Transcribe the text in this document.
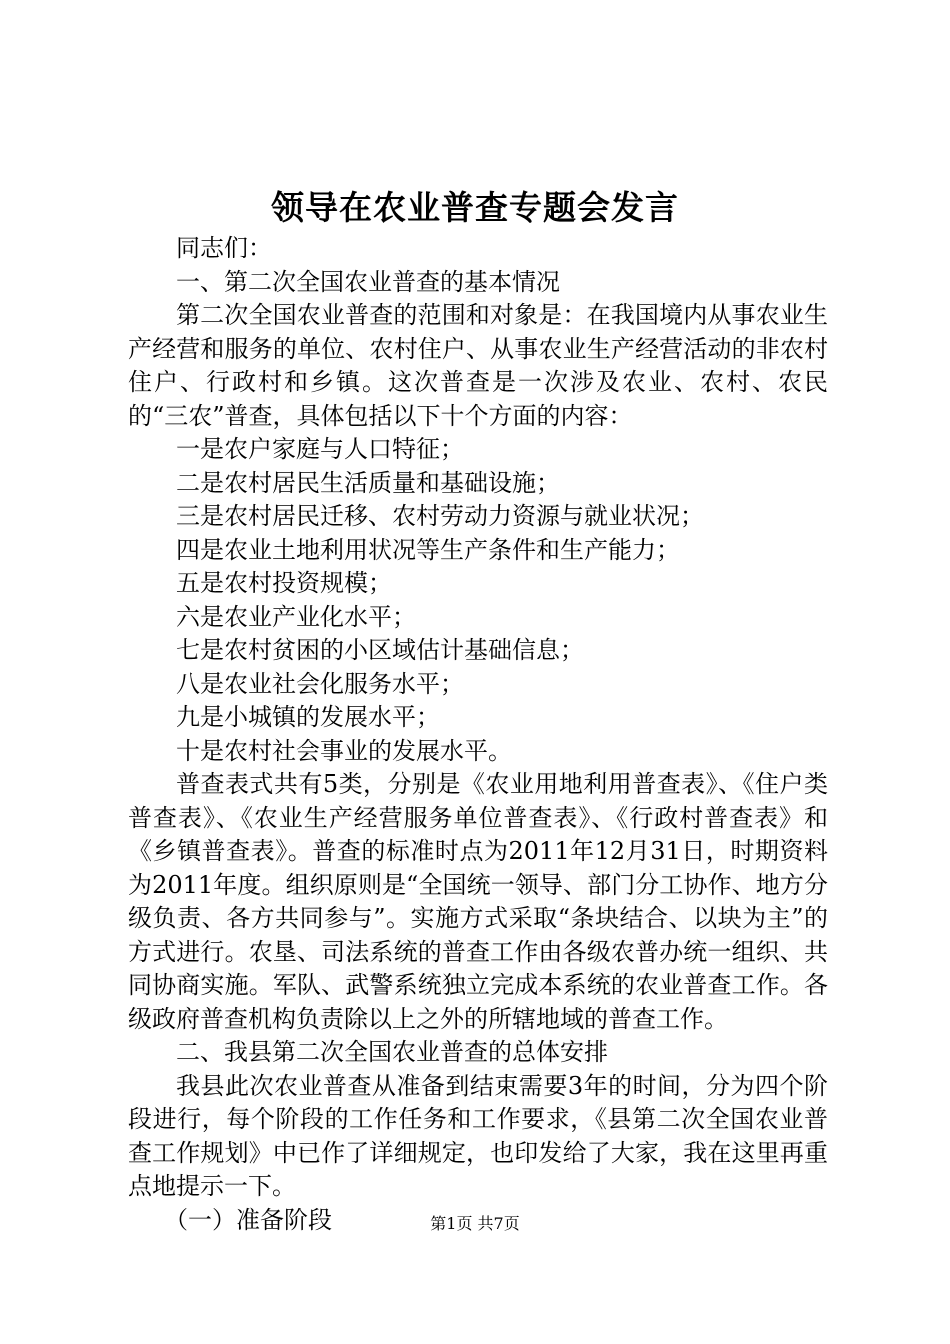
领导在农业普查专题会发言

同志们：

一、第二次全国农业普查的基本情况

第二次全国农业普查的范围和对象是：在我国境内从事农业生产经营和服务的单位、农村住户、从事农业生产经营活动的非农村住户、行政村和乡镇。这次普查是一次涉及农业、农村、农民的“三农”普查，具体包括以下十个方面的内容：

一是农户家庭与人口特征；

二是农村居民生活质量和基础设施；

三是农村居民迁移、农村劳动力资源与就业状况；

四是农业土地利用状况等生产条件和生产能力；

五是农村投资规模；

六是农业产业化水平；

七是农村贫困的小区域估计基础信息；

八是农业社会化服务水平；

九是小城镇的发展水平；

十是农村社会事业的发展水平。

普查表式共有5类，分别是《农业用地利用普查表》、《住户类普查表》、《农业生产经营服务单位普查表》、《行政村普查表》和《乡镇普查表》。普查的标准时点为2011年12月31日，时期资料为2011年度。组织原则是“全国统一领导、部门分工协作、地方分级负责、各方共同参与”。实施方式采取“条块结合、以块为主”的方式进行。农垦、司法系统的普查工作由各级农普办统一组织、共同协商实施。军队、武警系统独立完成本系统的农业普查工作。各级政府普查机构负责除以上之外的所辖地域的普查工作。

二、我县第二次全国农业普查的总体安排

我县此次农业普查从准备到结束需要3年的时间，分为四个阶段进行，每个阶段的工作任务和工作要求，《县第二次全国农业普查工作规划》中已作了详细规定，也印发给了大家，我在这里再重点地提示一下。

（一）准备阶段	第1页 共7页
